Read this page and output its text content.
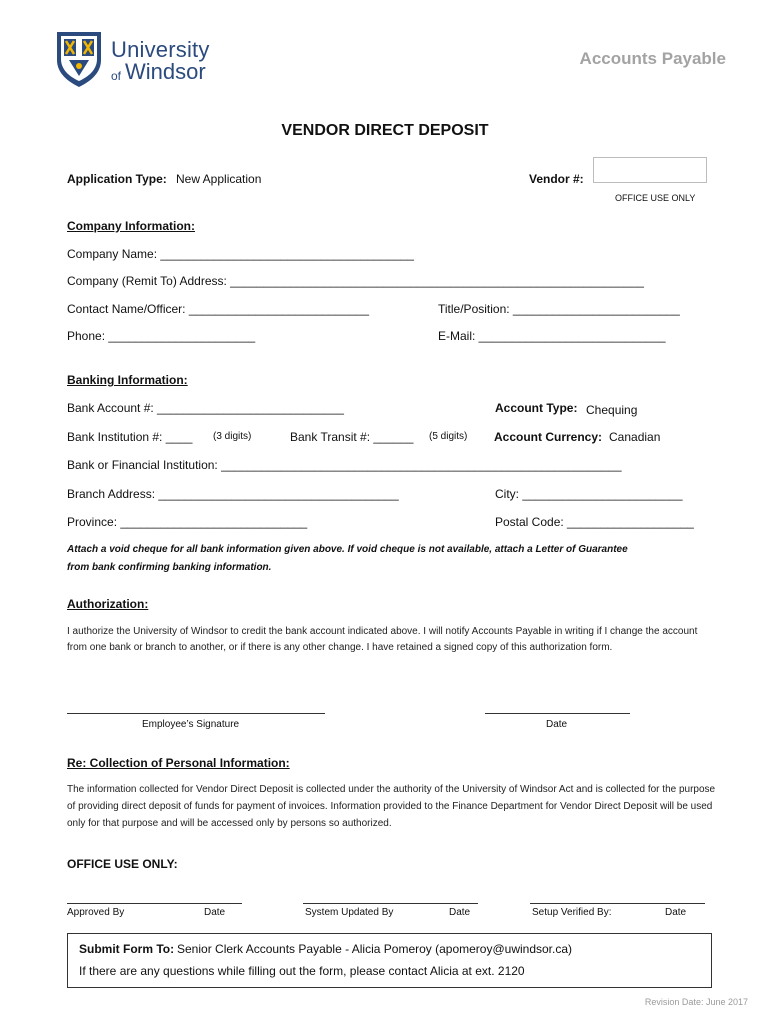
University
of Windsor
Accounts Payable
VENDOR DIRECT DEPOSIT
Application Type: New Application	Vendor #:
OFFICE USE ONLY
Company Information:
Company Name: ______________________________________
Company (Remit To) Address: ______________________________________________________________
Contact Name/Officer: ___________________________	Title/Position: _________________________
Phone: ______________________	E-Mail: ____________________________
Banking Information:
Bank Account #: ____________________________	Account Type: Chequing
Bank Institution #: ____ (3 digits)	Bank Transit #: ______ (5 digits) Account Currency: Canadian
Bank or Financial Institution: ____________________________________________________________
Branch Address: ____________________________________	City: ________________________
Province: ____________________________	Postal Code: ___________________
Attach a void cheque for all bank information given above. If void cheque is not available, attach a Letter of Guarantee
from bank confirming banking information.
Authorization:
I authorize the University of Windsor to credit the bank account indicated above. I will notify Accounts Payable in writing if I change the account from one bank or branch to another, or if there is any other change. I have retained a signed copy of this authorization form.
Employee’s Signature	Date
Re: Collection of Personal Information:
The information collected for Vendor Direct Deposit is collected under the authority of the University of Windsor Act and is collected for the purpose of providing direct deposit of funds for payment of invoices. Information provided to the Finance Department for Vendor Direct Deposit will be used only for that purpose and will be accessed only by persons so authorized.
OFFICE USE ONLY:
Approved By	Date	System Updated By	Date	Setup Verified By:	Date
Submit Form To: Senior Clerk Accounts Payable - Alicia Pomeroy (apomeroy@uwindsor.ca)
If there are any questions while filling out the form, please contact Alicia at ext. 2120
Revision Date: June 2017
